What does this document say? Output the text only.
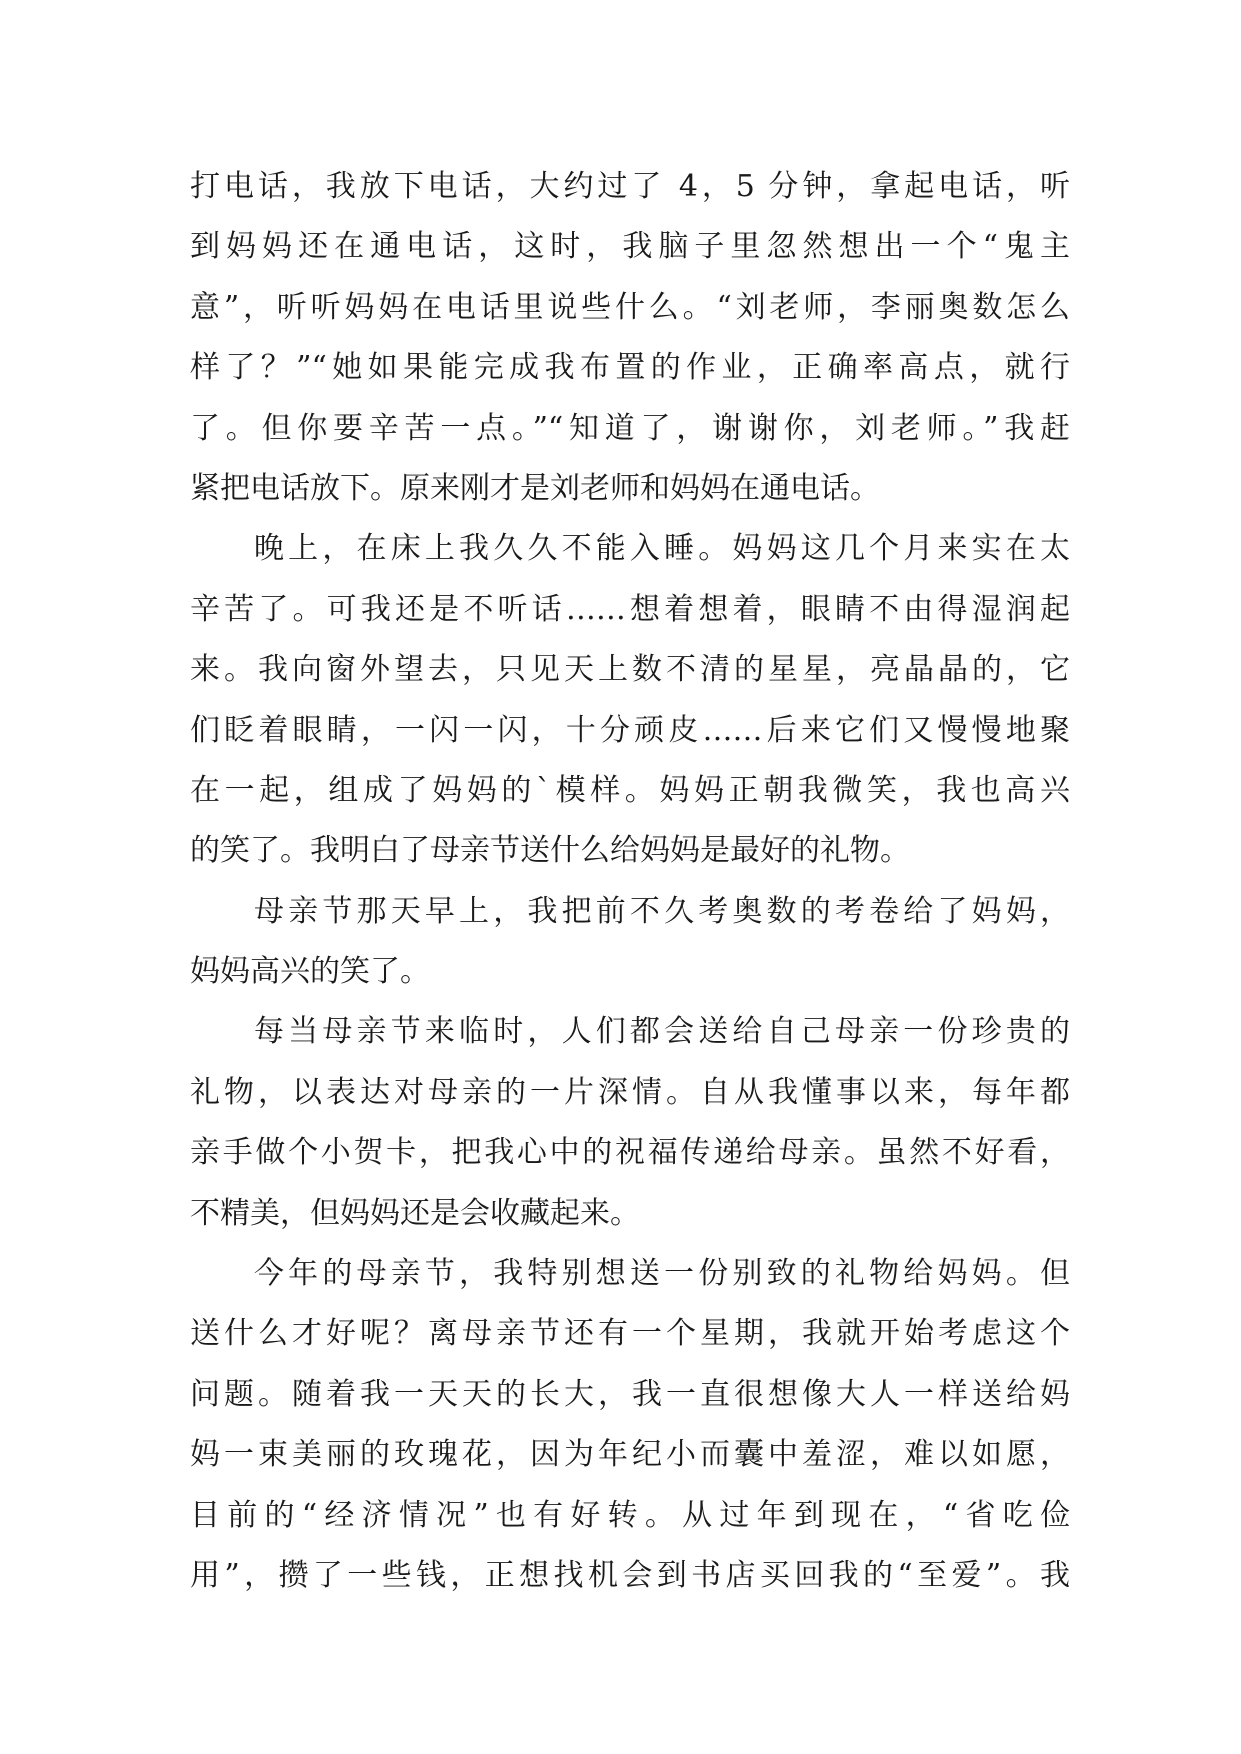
打电话，我放下电话，大约过了 4，5 分钟，拿起电话，听
到妈妈还在通电话，这时，我脑子里忽然想出一个“鬼主
意”，听听妈妈在电话里说些什么。“刘老师，李丽奥数怎么
样了？”“她如果能完成我布置的作业，正确率高点，就行
了。但你要辛苦一点。”“知道了，谢谢你，刘老师。”我赶
紧把电话放下。原来刚才是刘老师和妈妈在通电话。
晚上，在床上我久久不能入睡。妈妈这几个月来实在太
辛苦了。可我还是不听话……想着想着，眼睛不由得湿润起
来。我向窗外望去，只见天上数不清的星星，亮晶晶的，它
们眨着眼睛，一闪一闪，十分顽皮……后来它们又慢慢地聚
在一起，组成了妈妈的`模样。妈妈正朝我微笑，我也高兴
的笑了。我明白了母亲节送什么给妈妈是最好的礼物。
母亲节那天早上，我把前不久考奥数的考卷给了妈妈，
妈妈高兴的笑了。
每当母亲节来临时，人们都会送给自己母亲一份珍贵的
礼物，以表达对母亲的一片深情。自从我懂事以来，每年都
亲手做个小贺卡，把我心中的祝福传递给母亲。虽然不好看，
不精美，但妈妈还是会收藏起来。
今年的母亲节，我特别想送一份别致的礼物给妈妈。但
送什么才好呢？离母亲节还有一个星期，我就开始考虑这个
问题。随着我一天天的长大，我一直很想像大人一样送给妈
妈一束美丽的玫瑰花，因为年纪小而囊中羞涩，难以如愿，
目前的“经济情况”也有好转。从过年到现在，“省吃俭
用”，攒了一些钱，正想找机会到书店买回我的“至爱”。我
